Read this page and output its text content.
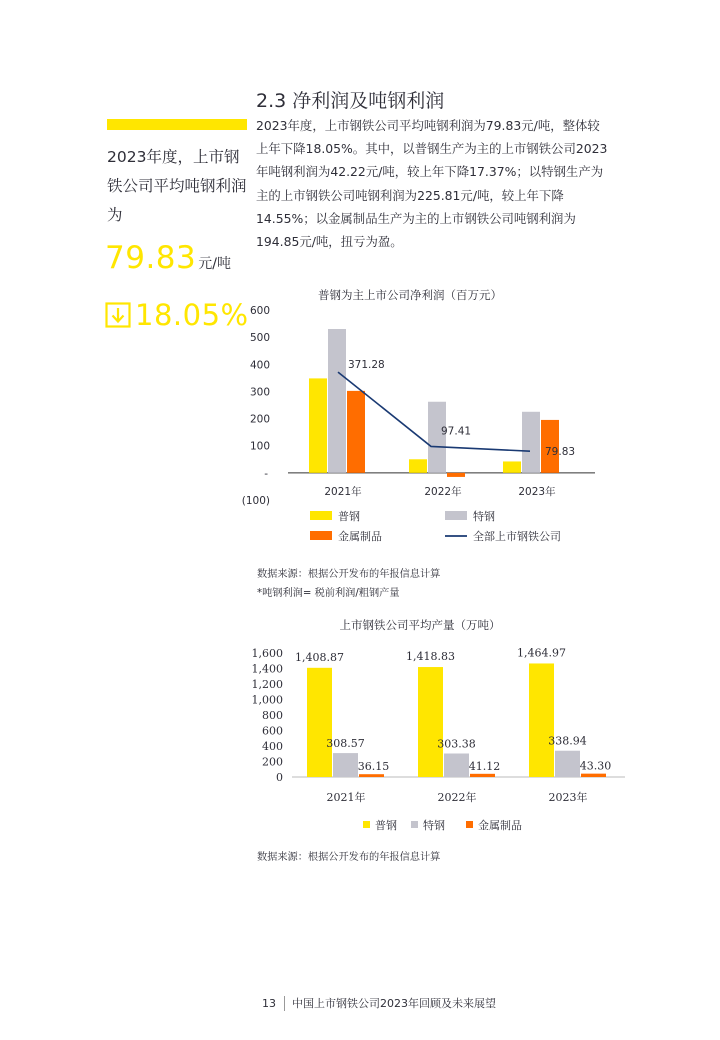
2.3 净利润及吨钢利润
2023年度，上市钢铁公司平均吨钢利润为79.83元/吨，整体较上年下降18.05%。其中，以普钢生产为主的上市钢铁公司2023年吨钢利润为42.22元/吨，较上年下降17.37%；以特钢生产为主的上市钢铁公司吨钢利润为225.81元/吨，较上年下降14.55%；以金属制品生产为主的上市钢铁公司吨钢利润为194.85元/吨，扭亏为盈。
2023年度，上市钢铁公司平均吨钢利润为
79.83 元/吨
18.05%
普钢为主上市公司净利润（百万元）
600
500
400
300
200
100
-
(100)
371.28
97.41
79.83
2021年	2022年	2023年
普钢	特钢
金属制品	全部上市钢铁公司
数据来源：根据公开发布的年报信息计算
*吨钢利润= 税前利润/粗钢产量
上市钢铁公司平均产量（万吨）
1,600
1,400
1,200
1,000
800
600
400
200
0
1,408.87
308.57
36.15
1,418.83
303.38
41.12
1,464.97
338.94
43.30
2021年	2022年	2023年
普钢 特钢	金属制品
数据来源：根据公开发布的年报信息计算
13 中国上市钢铁公司2023年回顾及未来展望
